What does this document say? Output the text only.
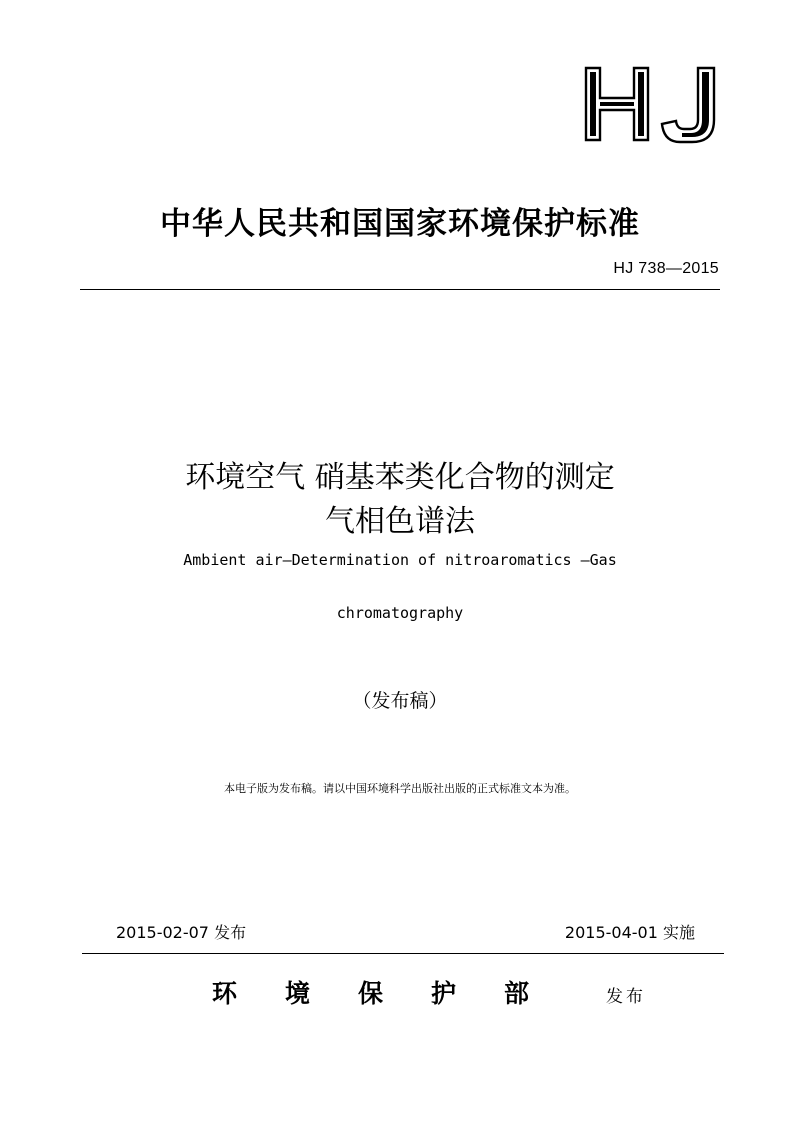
中华人民共和国国家环境保护标准
HJ 738—2015
环境空气 硝基苯类化合物的测定
气相色谱法
Ambient air—Determination of nitroaromatics —Gas
chromatography
（发布稿）
本电子版为发布稿。请以中国环境科学出版社出版的正式标准文本为准。
2015-02-07 发布	2015-04-01 实施
环	境	保	护	部	发布
